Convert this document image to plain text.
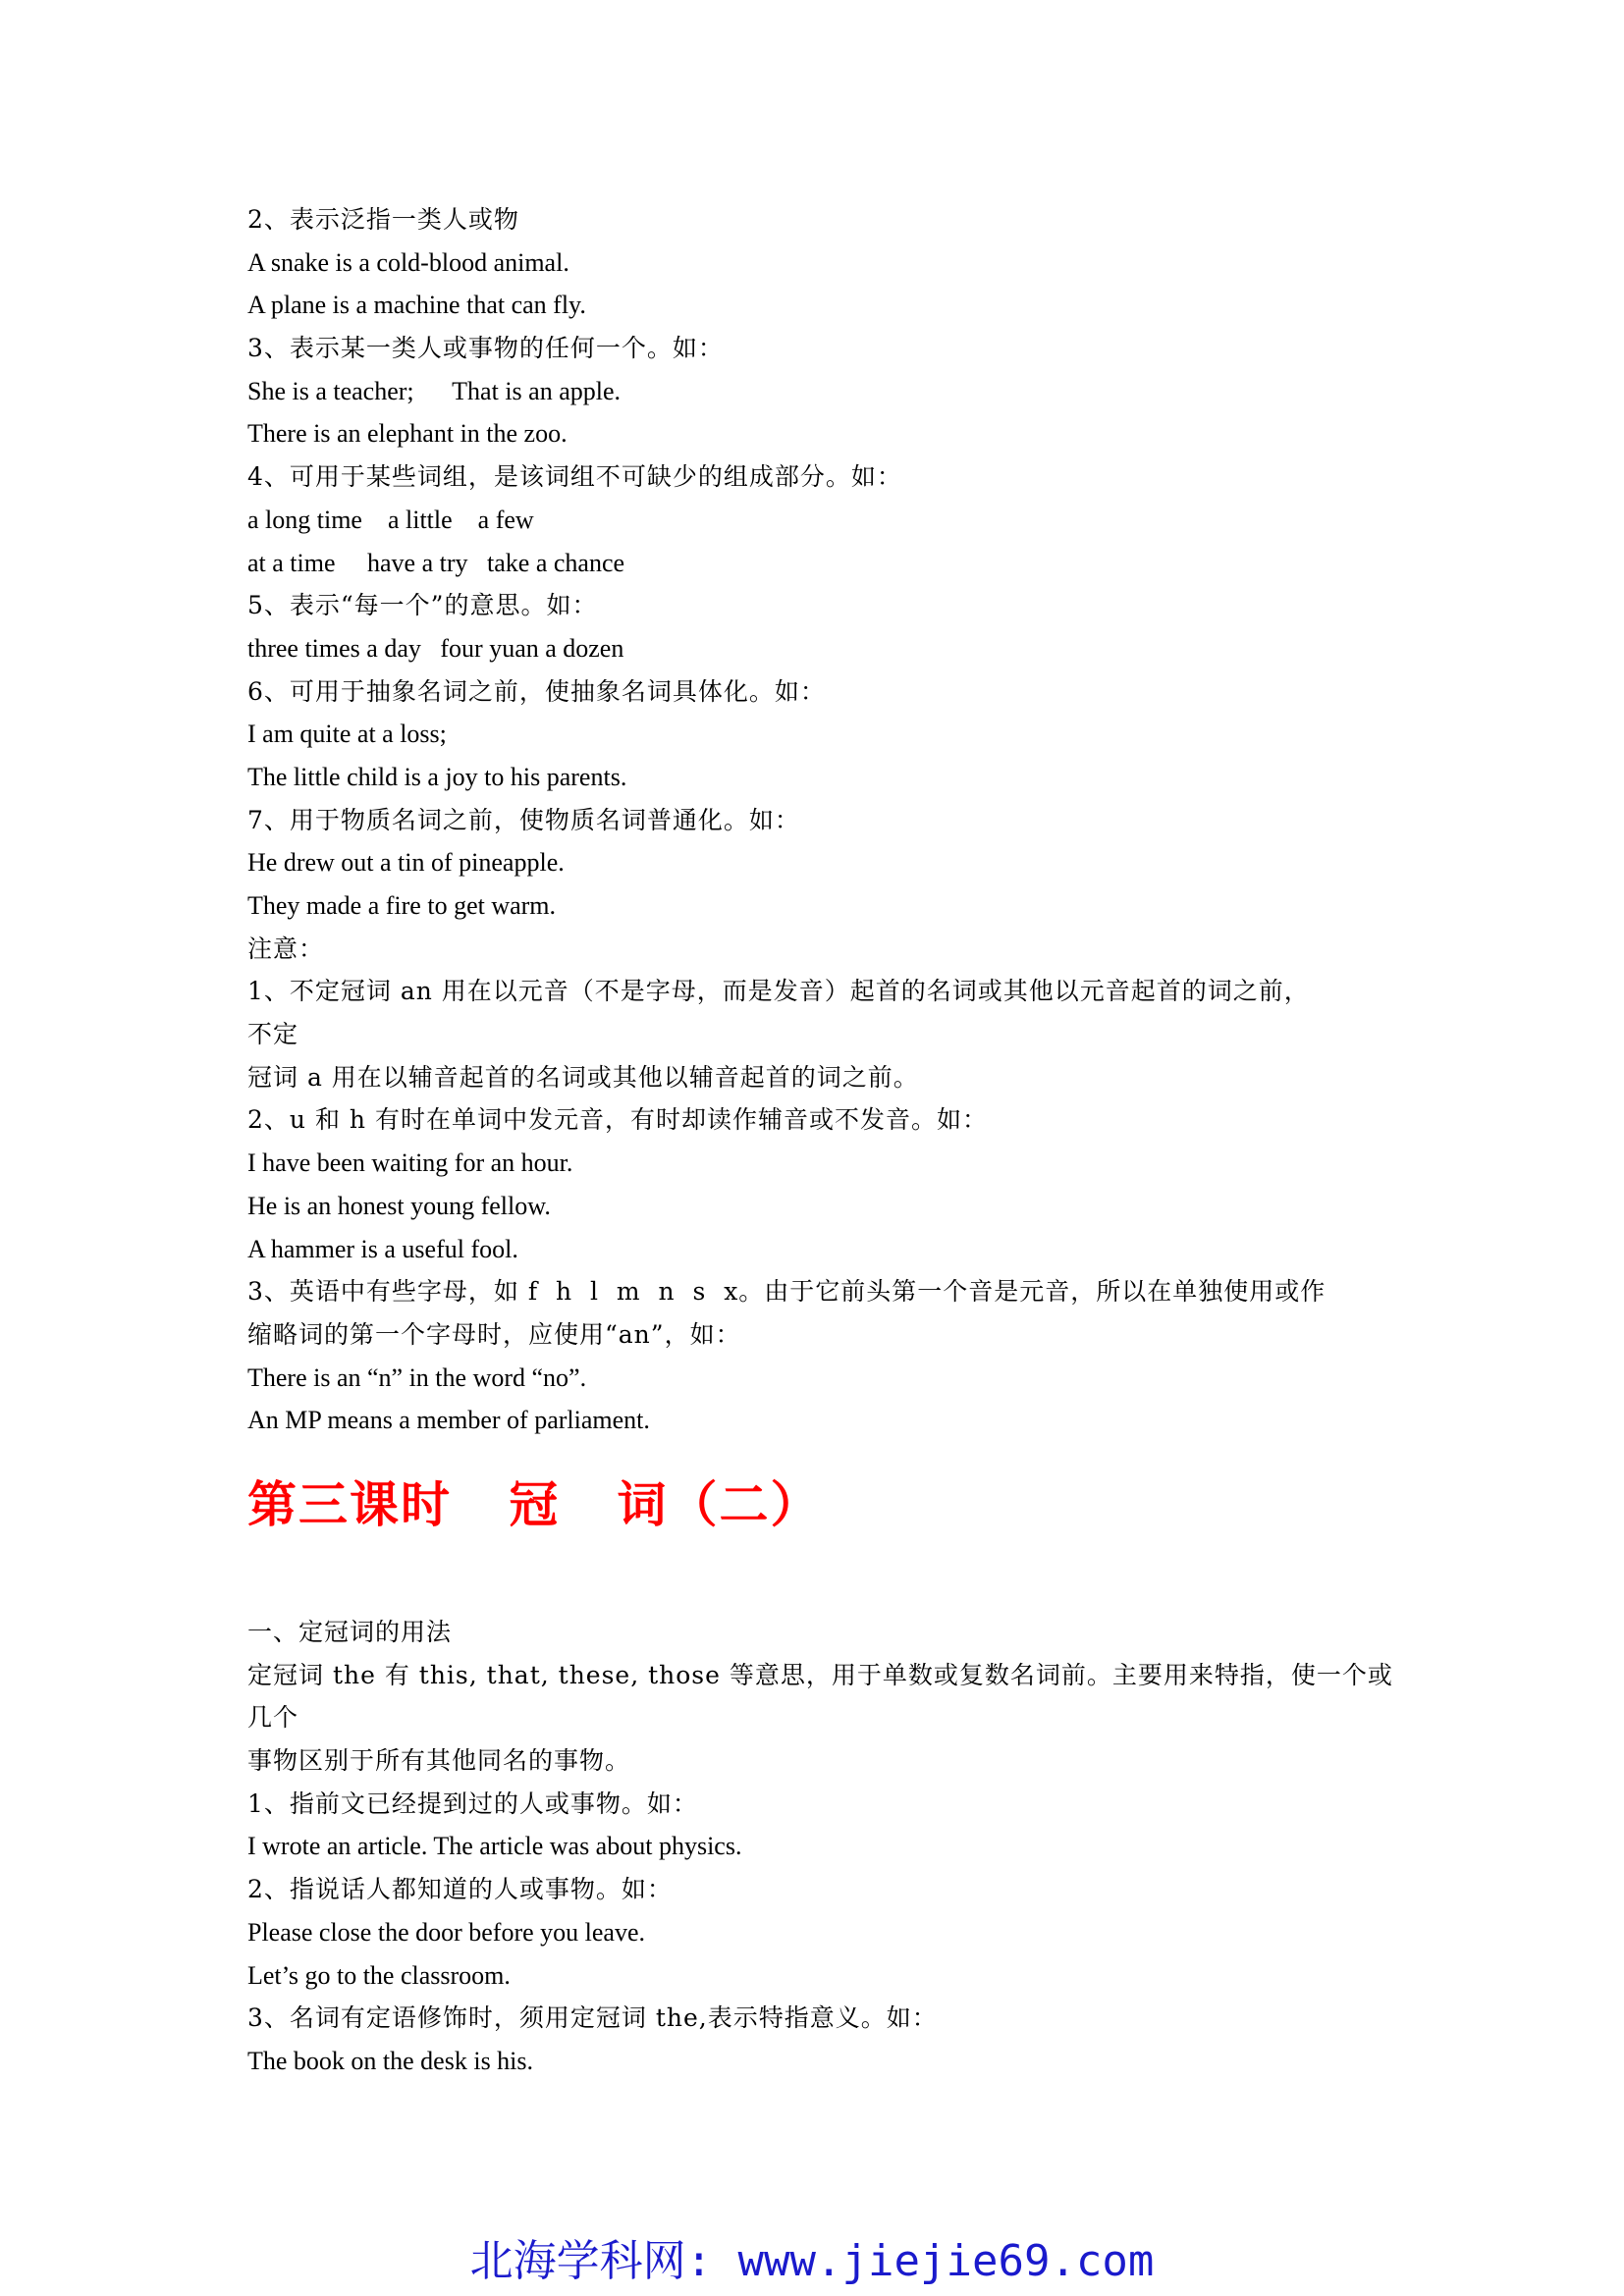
2、表示泛指一类人或物
A snake is a cold-blood animal.
A plane is a machine that can fly.
3、表示某一类人或事物的任何一个。如：
She is a teacher;      That is an apple.
There is an elephant in the zoo.
4、可用于某些词组，是该词组不可缺少的组成部分。如：
a long time    a little    a few
at a time     have a try   take a chance
5、表示“每一个”的意思。如：
three times a day   four yuan a dozen
6、可用于抽象名词之前，使抽象名词具体化。如：
I am quite at a loss;
The little child is a joy to his parents.
7、用于物质名词之前，使物质名词普通化。如：
He drew out a tin of pineapple.
They made a fire to get warm.
注意：
1、不定冠词 an 用在以元音（不是字母，而是发音）起首的名词或其他以元音起首的词之前，
不定
冠词 a 用在以辅音起首的名词或其他以辅音起首的词之前。
2、u 和 h 有时在单词中发元音，有时却读作辅音或不发音。如：
I have been waiting for an hour.
He is an honest young fellow.
A hammer is a useful fool.
3、英语中有些字母，如 f  h  l  m  n  s  x。由于它前头第一个音是元音，所以在单独使用或作
缩略词的第一个字母时，应使用“an”，如：
There is an “n” in the word “no”.
An MP means a member of parliament.
第三课时   冠   词（二）
一、定冠词的用法
定冠词 the 有 this, that, these, those 等意思，用于单数或复数名词前。主要用来特指，使一个或
几个
事物区别于所有其他同名的事物。
1、指前文已经提到过的人或事物。如：
I wrote an article. The article was about physics.
2、指说话人都知道的人或事物。如：
Please close the door before you leave.
Let’s go to the classroom.
3、名词有定语修饰时，须用定冠词 the,表示特指意义。如：
The book on the desk is his.
北海学科网: www.jiejie69.com
